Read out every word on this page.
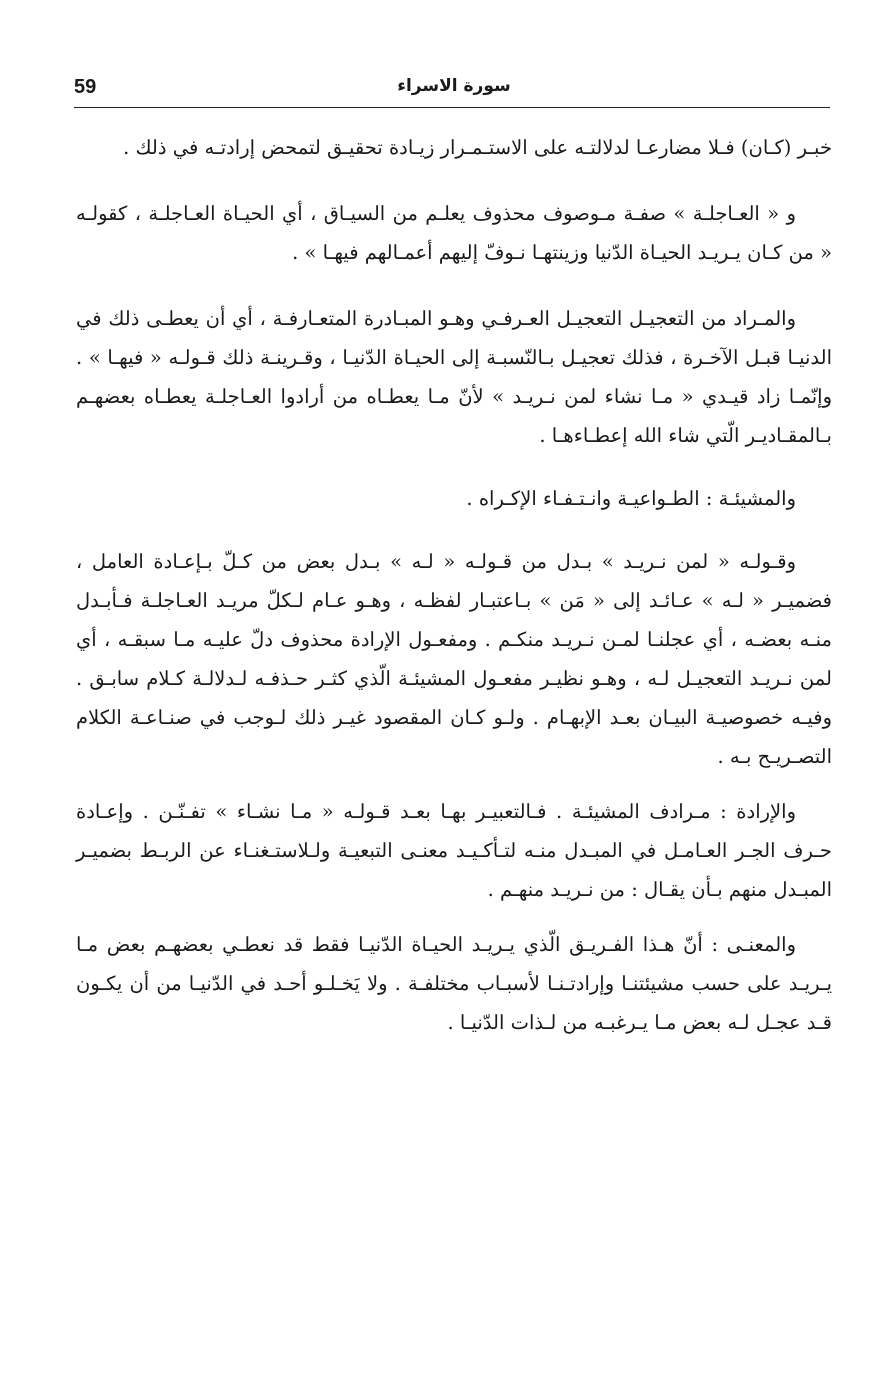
59	سورة الاسراء

خبـر (كـان) فـلا مضارعـا لدلالتـه على الاستـمـرار زيـادة تحقيـق لتمحض إرادتـه في ذلك .

و « العـاجلـة » صفـة مـوصوف محذوف يعلـم من السيـاق ، أي الحيـاة العـاجلـة ، كقولـه « من كـان يـريـد الحيـاة الدّنيا وزينتهـا نـوفّ إليهم أعمـالهم فيهـا » .

والمـراد من التعجيـل التعجيـل العـرفـي وهـو المبـادرة المتعـارفـة ، أي أن يعطـى ذلك في الدنيـا قبـل الآخـرة ، فذلك تعجيـل بـالنّسبـة إلى الحيـاة الدّنيـا ، وقـرينـة ذلك قـولـه « فيهـا » . وإنّمـا زاد قيـدي « مـا نشاء لمن نـريـد » لأنّ مـا يعطـاه من أرادوا العـاجلـة يعطـاه بعضهـم بـالمقـاديـر الّتي شاء الله إعطـاءهـا .

والمشيئـة : الطـواعيـة وانـتـفـاء الإكـراه .

وقـولـه « لمن نـريـد » بـدل من قـولـه « لـه » بـدل بعض من كـلّ بـإعـادة العامل ، فضميـر « لـه » عـائـد إلى « مَن » بـاعتبـار لفظـه ، وهـو عـام لـكلّ مريـد العـاجلـة فـأبـدل منـه بعضـه ، أي عجلنـا لمـن نـريـد منكـم . ومفعـول الإرادة محذوف دلّ عليـه مـا سبقـه ، أي لمن نـريـد التعجيـل لـه ، وهـو نظيـر مفعـول المشيئـة الّذي كثـر حـذفـه لـدلالـة كـلام سابـق . وفيـه خصوصيـة البيـان بعـد الإبهـام . ولـو كـان المقصود غيـر ذلك لـوجب في صنـاعـة الكلام التصـريـح بـه .

والإرادة : مـرادف المشيئـة . فـالتعبيـر بهـا بعـد قـولـه « مـا نشـاء » تفـنّـن . وإعـادة حـرف الجـر العـامـل في المبـدل منـه لتـأكـيـد معنـى التبعيـة ولـلاستـغنـاء عن الربـط بضميـر المبـدل منهم بـأن يقـال : من نـريـد منهـم .

والمعنـى : أنّ هـذا الفـريـق الّذي يـريـد الحيـاة الدّنيـا فقط قد نعطـي بعضهـم بعض مـا يـريـد على حسب مشيئتنـا وإرادتـنـا لأسبـاب مختلفـة . ولا يَخـلـو أحـد في الدّنيـا من أن يكـون قـد عجـل لـه بعض مـا يـرغبـه من لـذات الدّنيـا .
